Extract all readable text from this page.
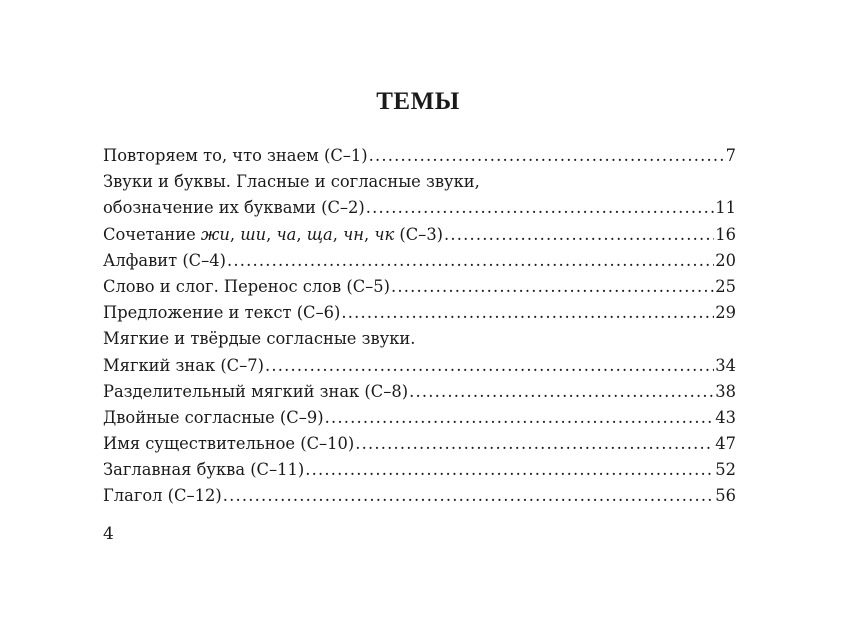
ТЕМЫ
Повторяем то, что знаем (С–1) .....	7
Звуки и буквы. Гласные и согласные звуки,
обозначение их буквами (С–2) .....	11
Сочетание жи, ши, ча, ща, чн, чк (С–3) .....	16
Алфавит (С–4) .....	20
Слово и слог. Перенос слов (С–5) .....	25
Предложение и текст (С–6) .....	29
Мягкие и твёрдые согласные звуки.
Мягкий знак (С–7) .....	34
Разделительный мягкий знак (С–8) .....	38
Двойные согласные (С–9) .....	43
Имя существительное (С–10) .....	47
Заглавная буква (С–11) .....	52
Глагол (С–12) .....	56
4
